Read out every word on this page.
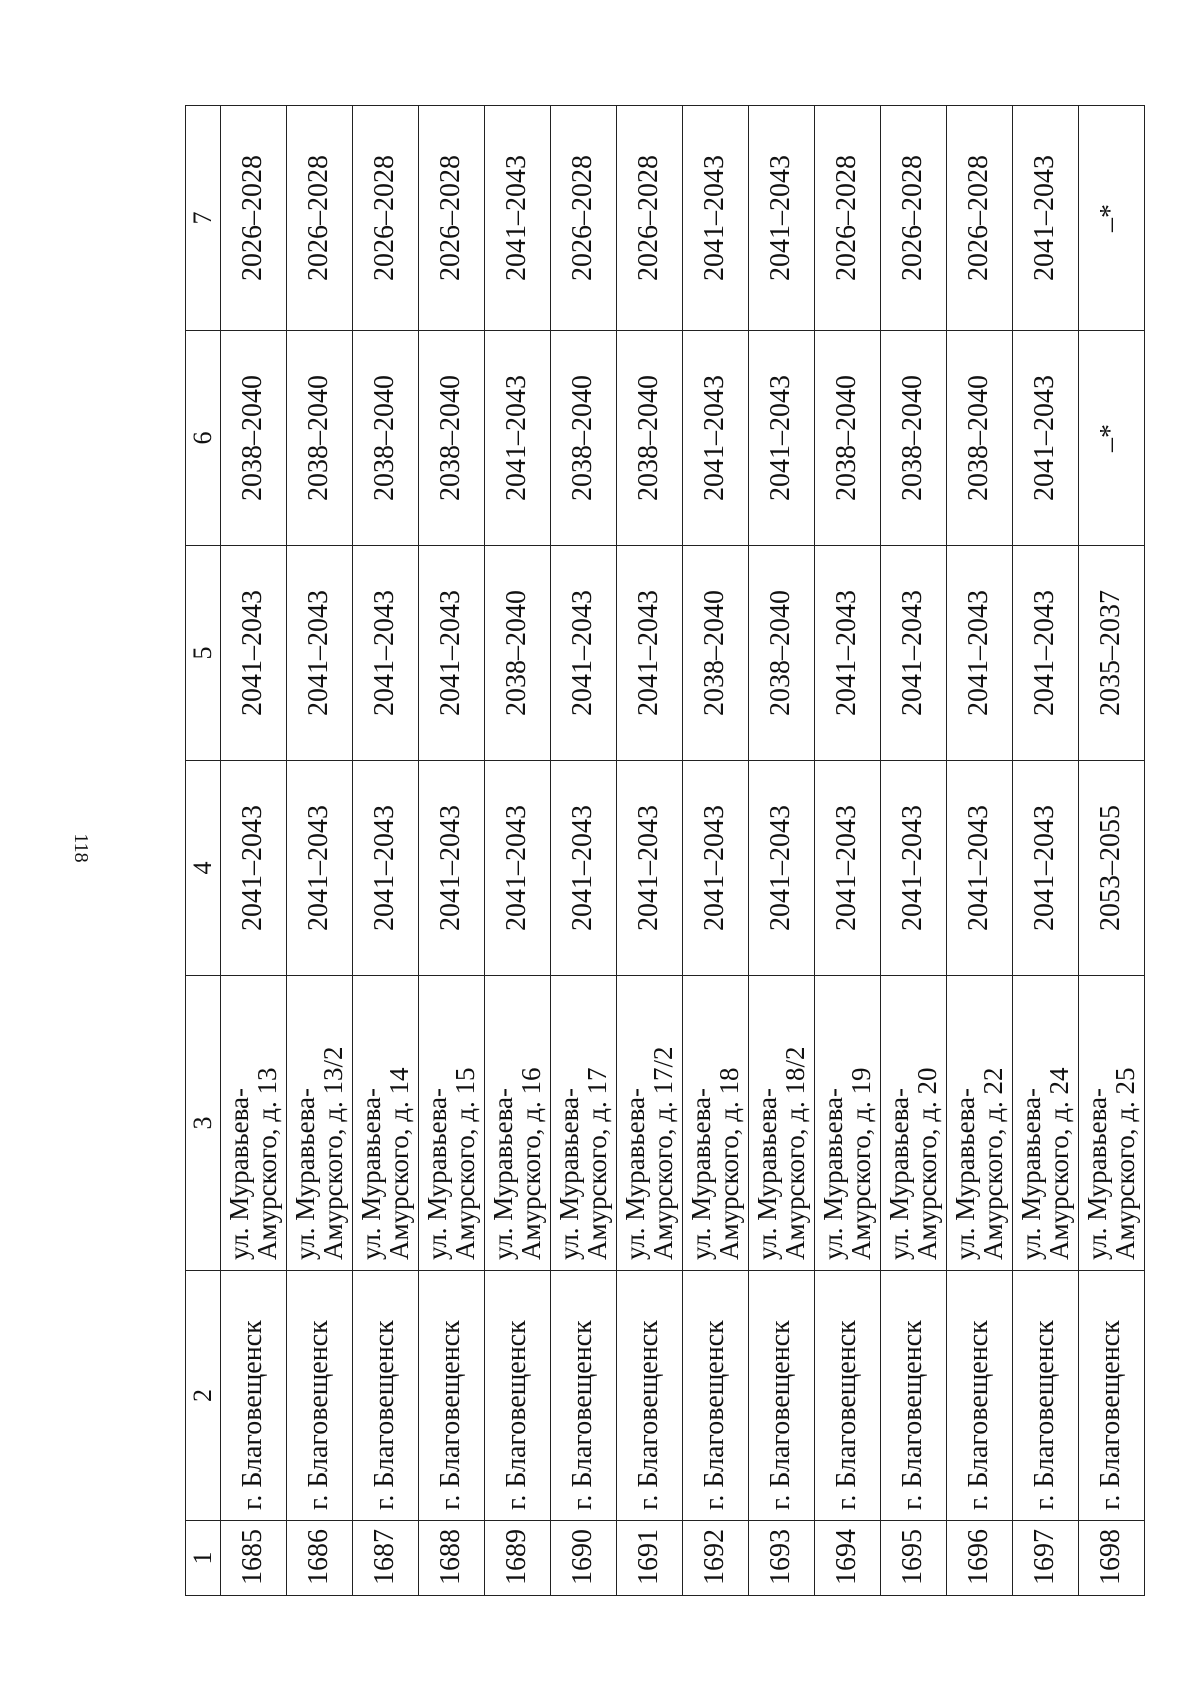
118
1	2	3	4	5	6	7
1685	г. Благовещенск	ул. Муравьева-
Амурского, д. 13	2041–2043	2041–2043	2038–2040	2026–2028
1686	г. Благовещенск	ул. Муравьева-
Амурского, д. 13/2	2041–2043	2041–2043	2038–2040	2026–2028
1687	г. Благовещенск	ул. Муравьева-
Амурского, д. 14	2041–2043	2041–2043	2038–2040	2026–2028
1688	г. Благовещенск	ул. Муравьева-
Амурского, д. 15	2041–2043	2041–2043	2038–2040	2026–2028
1689	г. Благовещенск	ул. Муравьева-
Амурского, д. 16	2041–2043	2038–2040	2041–2043	2041–2043
1690	г. Благовещенск	ул. Муравьева-
Амурского, д. 17	2041–2043	2041–2043	2038–2040	2026–2028
1691	г. Благовещенск	ул. Муравьева-
Амурского, д. 17/2	2041–2043	2041–2043	2038–2040	2026–2028
1692	г. Благовещенск	ул. Муравьева-
Амурского, д. 18	2041–2043	2038–2040	2041–2043	2041–2043
1693	г. Благовещенск	ул. Муравьева-
Амурского, д. 18/2	2041–2043	2038–2040	2041–2043	2041–2043
1694	г. Благовещенск	ул. Муравьева-
Амурского, д. 19	2041–2043	2041–2043	2038–2040	2026–2028
1695	г. Благовещенск	ул. Муравьева-
Амурского, д. 20	2041–2043	2041–2043	2038–2040	2026–2028
1696	г. Благовещенск	ул. Муравьева-
Амурского, д. 22	2041–2043	2041–2043	2038–2040	2026–2028
1697	г. Благовещенск	ул. Муравьева-
Амурского, д. 24	2041–2043	2041–2043	2041–2043	2041–2043
1698	г. Благовещенск	ул. Муравьева-
Амурского, д. 25	2053–2055	2035–2037	–*	–*
